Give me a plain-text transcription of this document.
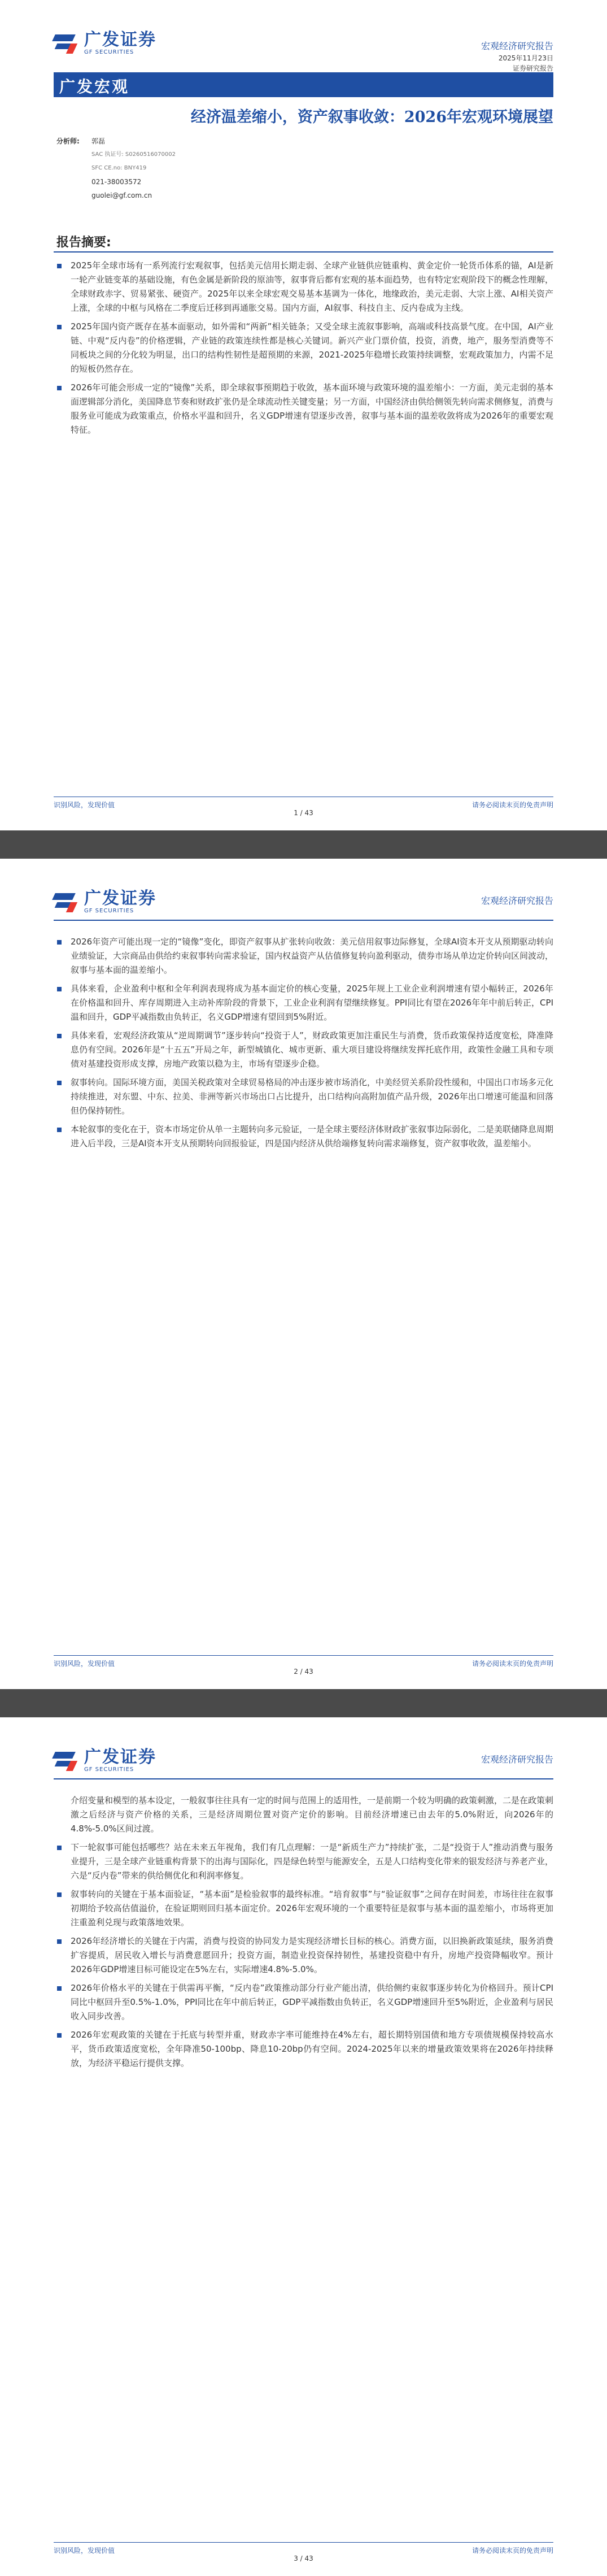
广发证券
GF SECURITIES
宏观经济研究报告
2025年11月23日
证券研究报告
广发宏观
经济温差缩小，资产叙事收敛：2026年宏观环境展望
分析师:	郭磊
SAC 执证号: S0260516070002
SFC CE.no: BNY419
021-38003572
guolei@gf.com.cn
报告摘要:
2025年全球市场有一系列流行宏观叙事，包括美元信用长期走弱、全球产业链供应链重构、黄金定价一轮货币体系的锚，AI是新一轮产业链变革的基础设施，有色金属是新阶段的原油等，叙事背后都有宏观的基本面趋势，也有特定宏观阶段下的概念性理解，全球财政赤字、贸易紧张、硬资产。2025年以来全球宏观交易基本基调为一体化，地缘政治，美元走弱、大宗上涨、AI相关资产上涨，全球的中枢与风格在二季度后迁移到再通胀交易。国内方面，AI叙事、科技自主、反内卷成为主线。
2025年国内资产既存在基本面驱动，如外需和“两新”相关链条；又受全球主流叙事影响，高端或科技高景气度。在中国，AI产业链、中观“反内卷”的价格逻辑，产业链的政策连续性都是核心关键词。新兴产业门票价值，投资，消费，地产，服务型消费等不同板块之间的分化较为明显，出口的结构性韧性是超预期的来源，2021-2025年稳增长政策持续调整，宏观政策加力，内需不足的短板仍然存在。
2026年可能会形成一定的“镜像”关系，即全球叙事预期趋于收敛，基本面环境与政策环境的温差缩小：一方面，美元走弱的基本面逻辑部分消化，美国降息节奏和财政扩张仍是全球流动性关键变量；另一方面，中国经济由供给侧领先转向需求侧修复，消费与服务业可能成为政策重点，价格水平温和回升，名义GDP增速有望逐步改善，叙事与基本面的温差收敛将成为2026年的重要宏观特征。
识别风险，发现价值	请务必阅读末页的免责声明
1 / 43
广发证券
GF SECURITIES
宏观经济研究报告
2026年资产可能出现一定的“镜像”变化，即资产叙事从扩张转向收敛：美元信用叙事边际修复，全球AI资本开支从预期驱动转向业绩验证，大宗商品由供给约束叙事转向需求验证，国内权益资产从估值修复转向盈利驱动，债券市场从单边定价转向区间波动，叙事与基本面的温差缩小。
具体来看，企业盈利中枢和全年利润表现将成为基本面定价的核心变量，2025年规上工业企业利润增速有望小幅转正，2026年在价格温和回升、库存周期进入主动补库阶段的背景下，工业企业利润有望继续修复。PPI同比有望在2026年年中前后转正，CPI温和回升，GDP平减指数由负转正，名义GDP增速有望回到5%附近。
具体来看，宏观经济政策从“逆周期调节”逐步转向“投资于人”，财政政策更加注重民生与消费，货币政策保持适度宽松，降准降息仍有空间。2026年是“十五五”开局之年，新型城镇化、城市更新、重大项目建设将继续发挥托底作用，政策性金融工具和专项债对基建投资形成支撑，房地产政策以稳为主，市场有望逐步企稳。
叙事转向。国际环境方面，美国关税政策对全球贸易格局的冲击逐步被市场消化，中美经贸关系阶段性缓和，中国出口市场多元化持续推进，对东盟、中东、拉美、非洲等新兴市场出口占比提升，出口结构向高附加值产品升级，2026年出口增速可能温和回落但仍保持韧性。
本轮叙事的变化在于，资本市场定价从单一主题转向多元验证，一是全球主要经济体财政扩张叙事边际弱化，二是美联储降息周期进入后半段，三是AI资本开支从预期转向回报验证，四是国内经济从供给端修复转向需求端修复，资产叙事收敛，温差缩小。
识别风险，发现价值	请务必阅读末页的免责声明
2 / 43
广发证券
GF SECURITIES
宏观经济研究报告
介绍变量和模型的基本设定，一般叙事往往具有一定的时间与范围上的适用性，一是前期一个较为明确的政策刺激，二是在政策刺激之后经济与资产价格的关系，三是经济周期位置对资产定价的影响。目前经济增速已由去年的5.0%附近，向2026年的4.8%-5.0%区间过渡。
下一轮叙事可能包括哪些？站在未来五年视角，我们有几点理解：一是“新质生产力”持续扩张，二是“投资于人”推动消费与服务业提升，三是全球产业链重构背景下的出海与国际化，四是绿色转型与能源安全，五是人口结构变化带来的银发经济与养老产业，六是“反内卷”带来的供给侧优化和利润率修复。
叙事转向的关键在于基本面验证，“基本面”是检验叙事的最终标准。“培育叙事”与“验证叙事”之间存在时间差，市场往往在叙事初期给予较高估值溢价，在验证期则回归基本面定价。2026年宏观环境的一个重要特征是叙事与基本面的温差缩小，市场将更加注重盈利兑现与政策落地效果。
2026年经济增长的关键在于内需，消费与投资的协同发力是实现经济增长目标的核心。消费方面，以旧换新政策延续，服务消费扩容提质，居民收入增长与消费意愿回升；投资方面，制造业投资保持韧性，基建投资稳中有升，房地产投资降幅收窄。预计2026年GDP增速目标可能设定在5%左右，实际增速4.8%-5.0%。
2026年价格水平的关键在于供需再平衡，“反内卷”政策推动部分行业产能出清，供给侧约束叙事逐步转化为价格回升。预计CPI同比中枢回升至0.5%-1.0%，PPI同比在年中前后转正，GDP平减指数由负转正，名义GDP增速回升至5%附近，企业盈利与居民收入同步改善。
2026年宏观政策的关键在于托底与转型并重，财政赤字率可能维持在4%左右，超长期特别国债和地方专项债规模保持较高水平，货币政策适度宽松，全年降准50-100bp、降息10-20bp仍有空间。2024-2025年以来的增量政策效果将在2026年持续释放，为经济平稳运行提供支撑。
识别风险，发现价值	请务必阅读末页的免责声明
3 / 43
